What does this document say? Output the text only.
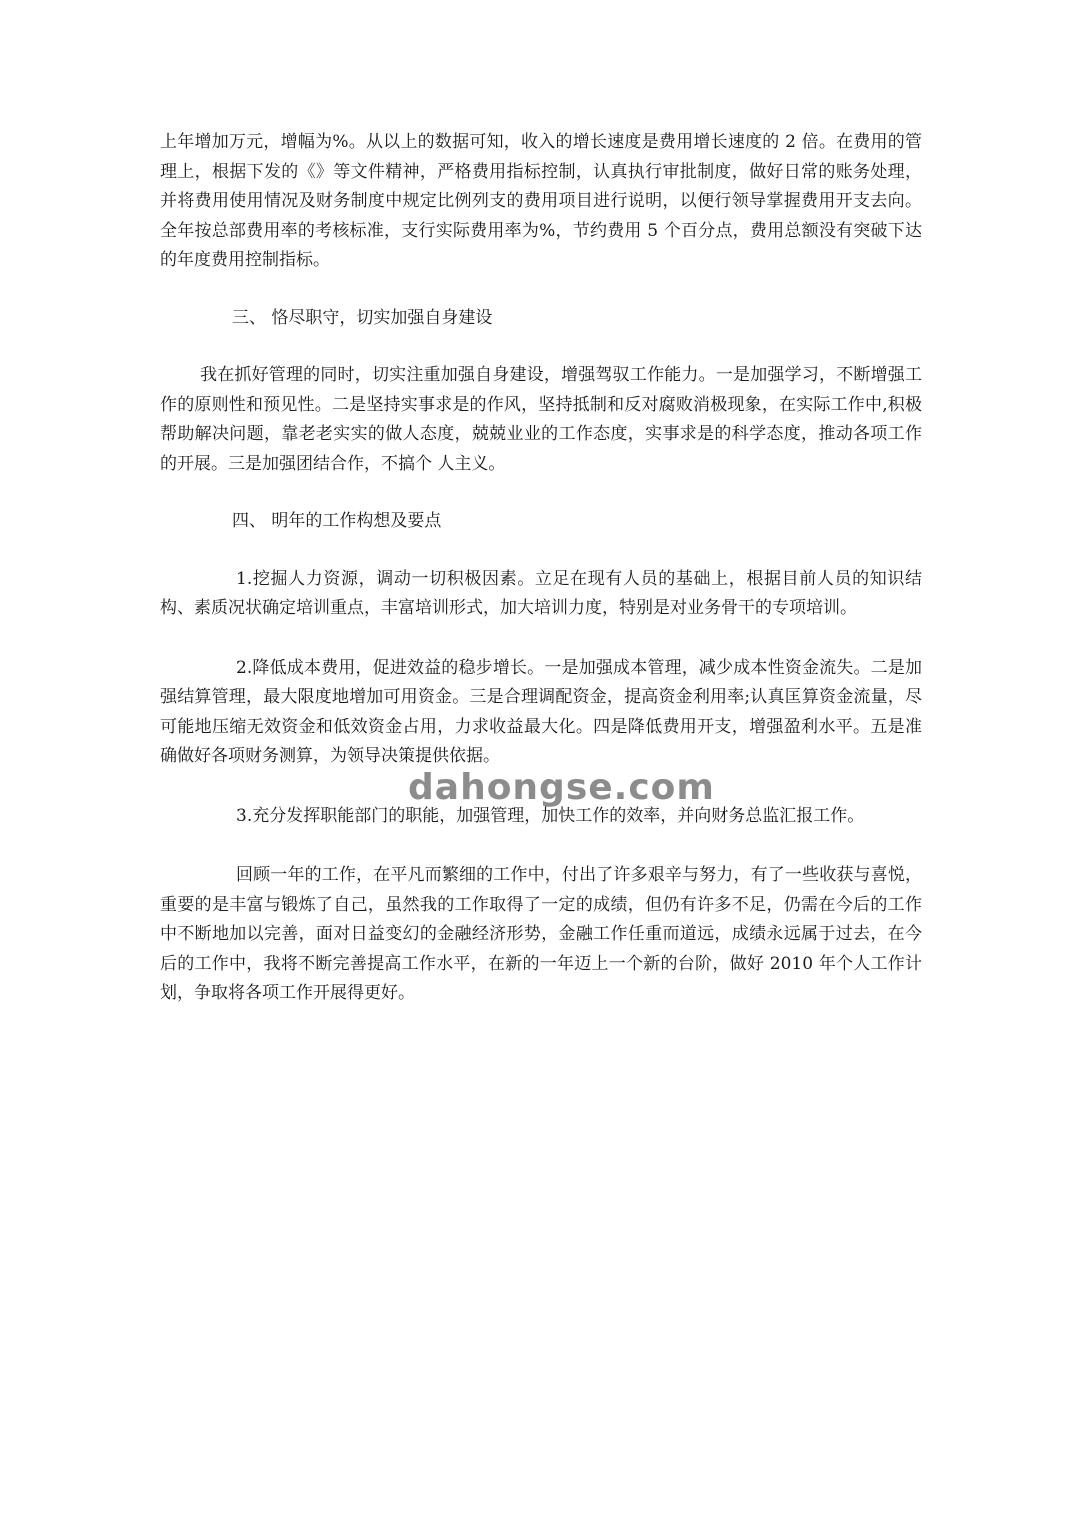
上年增加万元，增幅为%。从以上的数据可知，收入的增长速度是费用增长速度的 2 倍。在费用的管理上，根据下发的《》等文件精神，严格费用指标控制，认真执行审批制度，做好日常的账务处理，并将费用使用情况及财务制度中规定比例列支的费用项目进行说明，以便行领导掌握费用开支去向。全年按总部费用率的考核标准，支行实际费用率为%，节约费用 5 个百分点，费用总额没有突破下达的年度费用控制指标。

三、 恪尽职守，切实加强自身建设

我在抓好管理的同时，切实注重加强自身建设，增强驾驭工作能力。一是加强学习，不断增强工作的原则性和预见性。二是坚持实事求是的作风，坚持抵制和反对腐败消极现象，在实际工作中,积极帮助解决问题，靠老老实实的做人态度，兢兢业业的工作态度，实事求是的科学态度，推动各项工作的开展。三是加强团结合作，不搞个 人主义。

四、 明年的工作构想及要点

1.挖掘人力资源，调动一切积极因素。立足在现有人员的基础上，根据目前人员的知识结构、素质况状确定培训重点，丰富培训形式，加大培训力度，特别是对业务骨干的专项培训。

2.降低成本费用，促进效益的稳步增长。一是加强成本管理，减少成本性资金流失。二是加强结算管理，最大限度地增加可用资金。三是合理调配资金，提高资金利用率;认真匡算资金流量，尽可能地压缩无效资金和低效资金占用，力求收益最大化。四是降低费用开支，增强盈利水平。五是准确做好各项财务测算，为领导决策提供依据。

3.充分发挥职能部门的职能，加强管理，加快工作的效率，并向财务总监汇报工作。

回顾一年的工作，在平凡而繁细的工作中，付出了许多艰辛与努力，有了一些收获与喜悦，重要的是丰富与锻炼了自己，虽然我的工作取得了一定的成绩，但仍有许多不足，仍需在今后的工作中不断地加以完善，面对日益变幻的金融经济形势，金融工作任重而道远，成绩永远属于过去，在今后的工作中，我将不断完善提高工作水平，在新的一年迈上一个新的台阶，做好 2010 年个人工作计划，争取将各项工作开展得更好。

dahongse.com
